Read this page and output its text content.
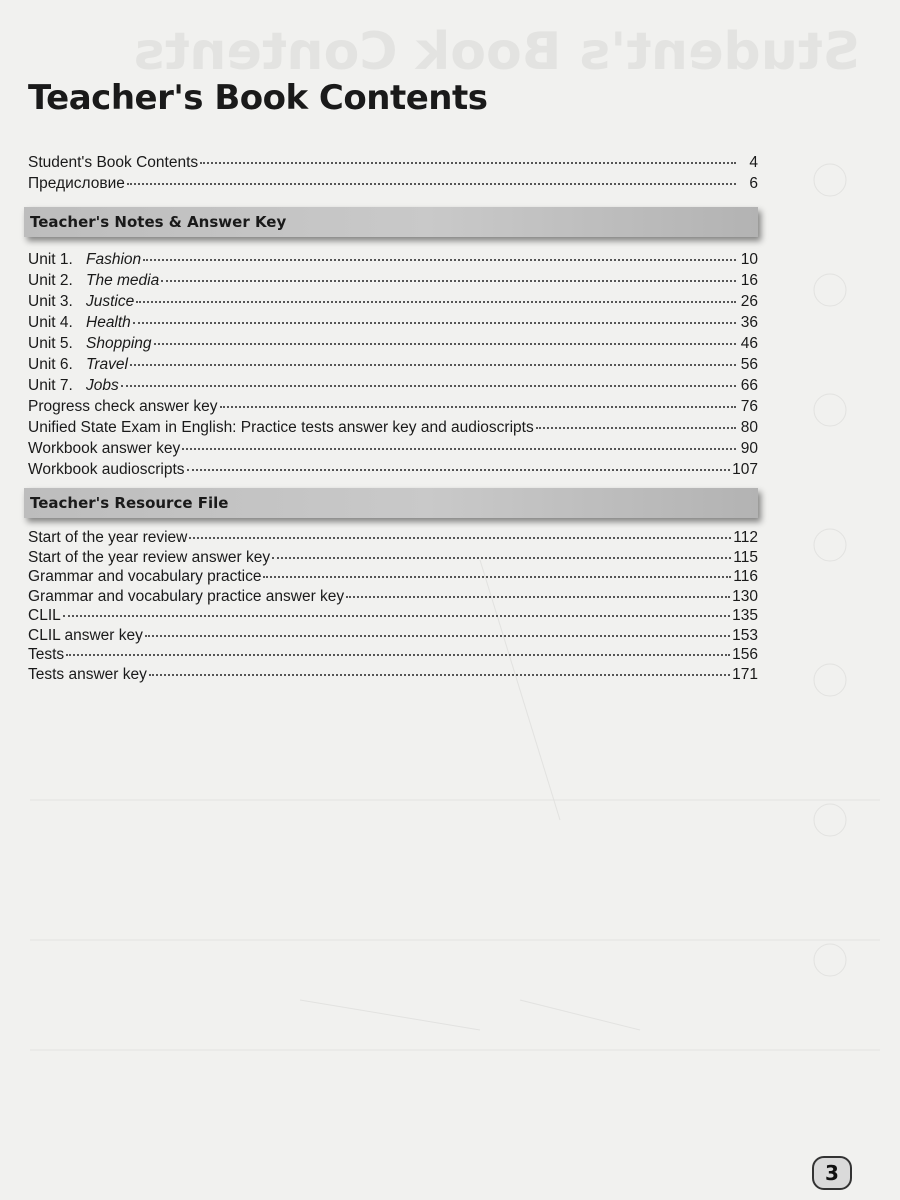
Student's Book Contents
Teacher's Book Contents
Student's Book Contents	4
Предисловие	6
Teacher's Notes & Answer Key
Unit 1. Fashion	10
Unit 2. The media	16
Unit 3. Justice	26
Unit 4. Health	36
Unit 5. Shopping	46
Unit 6. Travel	56
Unit 7. Jobs	66
Progress check answer key	76
Unified State Exam in English: Practice tests answer key and audioscripts	80
Workbook answer key	90
Workbook audioscripts	107
Teacher's Resource File
Start of the year review	112
Start of the year review answer key	115
Grammar and vocabulary practice	116
Grammar and vocabulary practice answer key	130
CLIL	135
CLIL answer key	153
Tests	156
Tests answer key	171
3
